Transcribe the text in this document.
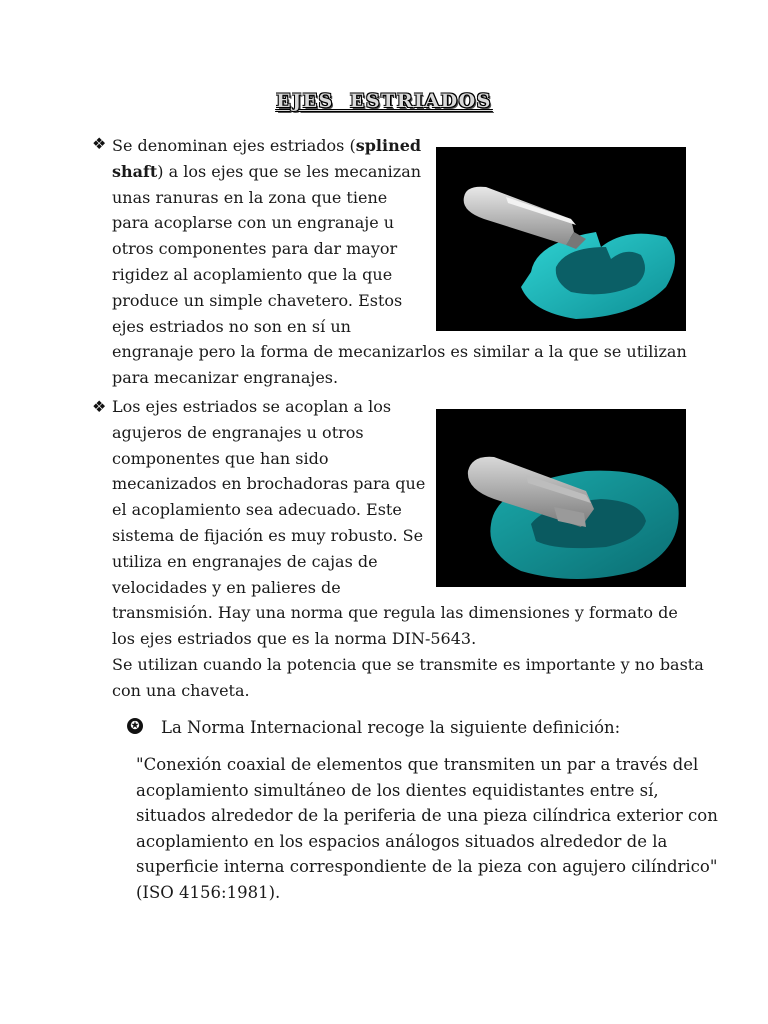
EJES ESTRIADOS
❖ Se denominan ejes estriados (splined
shaft) a los ejes que se les mecanizan
unas ranuras en la zona que tiene
para acoplarse con un engranaje u
otros componentes para dar mayor
rigidez al acoplamiento que la que
produce un simple chavetero. Estos
ejes estriados no son en sí un
engranaje pero la forma de mecanizarlos es similar a la que se utilizan
para mecanizar engranajes.
❖ Los ejes estriados se acoplan a los
agujeros de engranajes u otros
componentes que han sido
mecanizados en brochadoras para que
el acoplamiento sea adecuado. Este
sistema de fijación es muy robusto. Se
utiliza en engranajes de cajas de
velocidades y en palieres de
transmisión. Hay una norma que regula las dimensiones y formato de
los ejes estriados que es la norma DIN-5643.
Se utilizan cuando la potencia que se transmite es importante y no basta
con una chaveta.
✪ La Norma Internacional recoge la siguiente definición:
"Conexión coaxial de elementos que transmiten un par a través del
acoplamiento simultáneo de los dientes equidistantes entre sí,
situados alrededor de la periferia de una pieza cilíndrica exterior con
acoplamiento en los espacios análogos situados alrededor de la
superficie interna correspondiente de la pieza con agujero cilíndrico"
(ISO 4156:1981).
